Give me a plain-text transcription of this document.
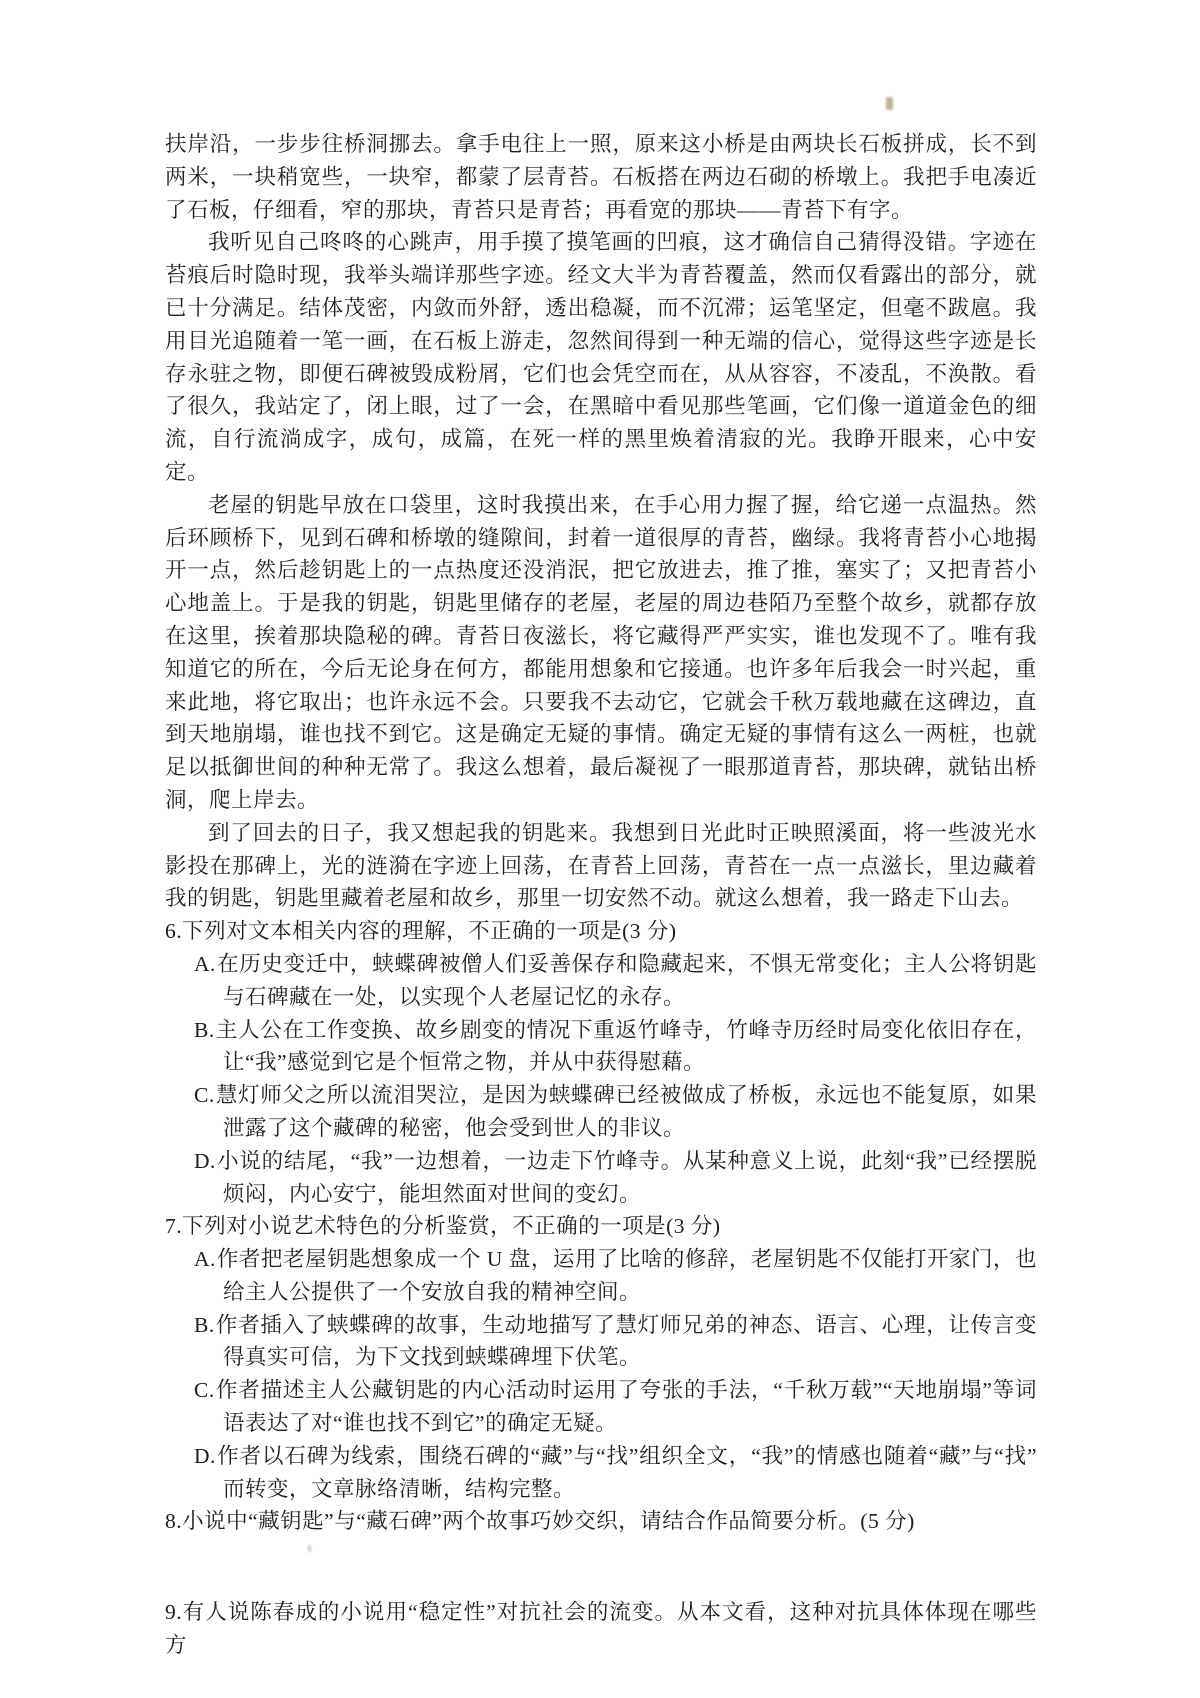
扶岸沿，一步步往桥洞挪去。拿手电往上一照，原来这小桥是由两块长石板拼成，长不到两米，一块稍宽些，一块窄，都蒙了层青苔。石板搭在两边石砌的桥墩上。我把手电凑近了石板，仔细看，窄的那块，青苔只是青苔；再看宽的那块——青苔下有字。

我听见自己咚咚的心跳声，用手摸了摸笔画的凹痕，这才确信自己猜得没错。字迹在苔痕后时隐时现，我举头端详那些字迹。经文大半为青苔覆盖，然而仅看露出的部分，就已十分满足。结体茂密，内敛而外舒，透出稳凝，而不沉滞；运笔坚定，但毫不跋扈。我用目光追随着一笔一画，在石板上游走，忽然间得到一种无端的信心，觉得这些字迹是长存永驻之物，即便石碑被毁成粉屑，它们也会凭空而在，从从容容，不凌乱，不涣散。看了很久，我站定了，闭上眼，过了一会，在黑暗中看见那些笔画，它们像一道道金色的细流，自行流淌成字，成句，成篇，在死一样的黑里焕着清寂的光。我睁开眼来，心中安定。

老屋的钥匙早放在口袋里，这时我摸出来，在手心用力握了握，给它递一点温热。然后环顾桥下，见到石碑和桥墩的缝隙间，封着一道很厚的青苔，幽绿。我将青苔小心地揭开一点，然后趁钥匙上的一点热度还没消泯，把它放进去，推了推，塞实了；又把青苔小心地盖上。于是我的钥匙，钥匙里储存的老屋，老屋的周边巷陌乃至整个故乡，就都存放在这里，挨着那块隐秘的碑。青苔日夜滋长，将它藏得严严实实，谁也发现不了。唯有我知道它的所在，今后无论身在何方，都能用想象和它接通。也许多年后我会一时兴起，重来此地，将它取出；也许永远不会。只要我不去动它，它就会千秋万载地藏在这碑边，直到天地崩塌，谁也找不到它。这是确定无疑的事情。确定无疑的事情有这么一两桩，也就足以抵御世间的种种无常了。我这么想着，最后凝视了一眼那道青苔，那块碑，就钻出桥洞，爬上岸去。

到了回去的日子，我又想起我的钥匙来。我想到日光此时正映照溪面，将一些波光水影投在那碑上，光的涟漪在字迹上回荡，在青苔上回荡，青苔在一点一点滋长，里边藏着我的钥匙，钥匙里藏着老屋和故乡，那里一切安然不动。就这么想着，我一路走下山去。

6.下列对文本相关内容的理解，不正确的一项是(3 分)
A.在历史变迁中，蛱蝶碑被僧人们妥善保存和隐藏起来，不惧无常变化；主人公将钥匙与石碑藏在一处，以实现个人老屋记忆的永存。
B.主人公在工作变换、故乡剧变的情况下重返竹峰寺，竹峰寺历经时局变化依旧存在，让“我”感觉到它是个恒常之物，并从中获得慰藉。
C.慧灯师父之所以流泪哭泣，是因为蛱蝶碑已经被做成了桥板，永远也不能复原，如果泄露了这个藏碑的秘密，他会受到世人的非议。
D.小说的结尾，“我”一边想着，一边走下竹峰寺。从某种意义上说，此刻“我”已经摆脱烦闷，内心安宁，能坦然面对世间的变幻。
7.下列对小说艺术特色的分析鉴赏，不正确的一项是(3 分)
A.作者把老屋钥匙想象成一个 U 盘，运用了比啥的修辞，老屋钥匙不仅能打开家门，也给主人公提供了一个安放自我的精神空间。
B.作者插入了蛱蝶碑的故事，生动地描写了慧灯师兄弟的神态、语言、心理，让传言变得真实可信，为下文找到蛱蝶碑埋下伏笔。
C.作者描述主人公藏钥匙的内心活动时运用了夸张的手法，“千秋万载”“天地崩塌”等词语表达了对“谁也找不到它”的确定无疑。
D.作者以石碑为线索，围绕石碑的“藏”与“找”组织全文，“我”的情感也随着“藏”与“找”而转变，文章脉络清晰，结构完整。
8.小说中“藏钥匙”与“藏石碑”两个故事巧妙交织，请结合作品简要分析。(5 分)
9.有人说陈春成的小说用“稳定性”对抗社会的流变。从本文看，这种对抗具体体现在哪些方
